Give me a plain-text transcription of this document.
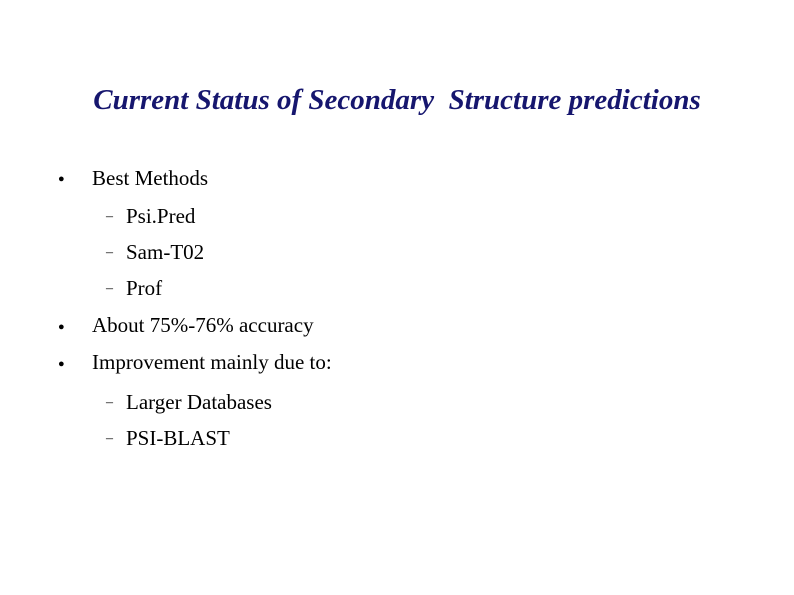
Current Status of Secondary  Structure predictions
● Best Methods
– Psi.Pred
– Sam-T02
– Prof
● About 75%-76% accuracy
● Improvement mainly due to:
– Larger Databases
– PSI-BLAST
